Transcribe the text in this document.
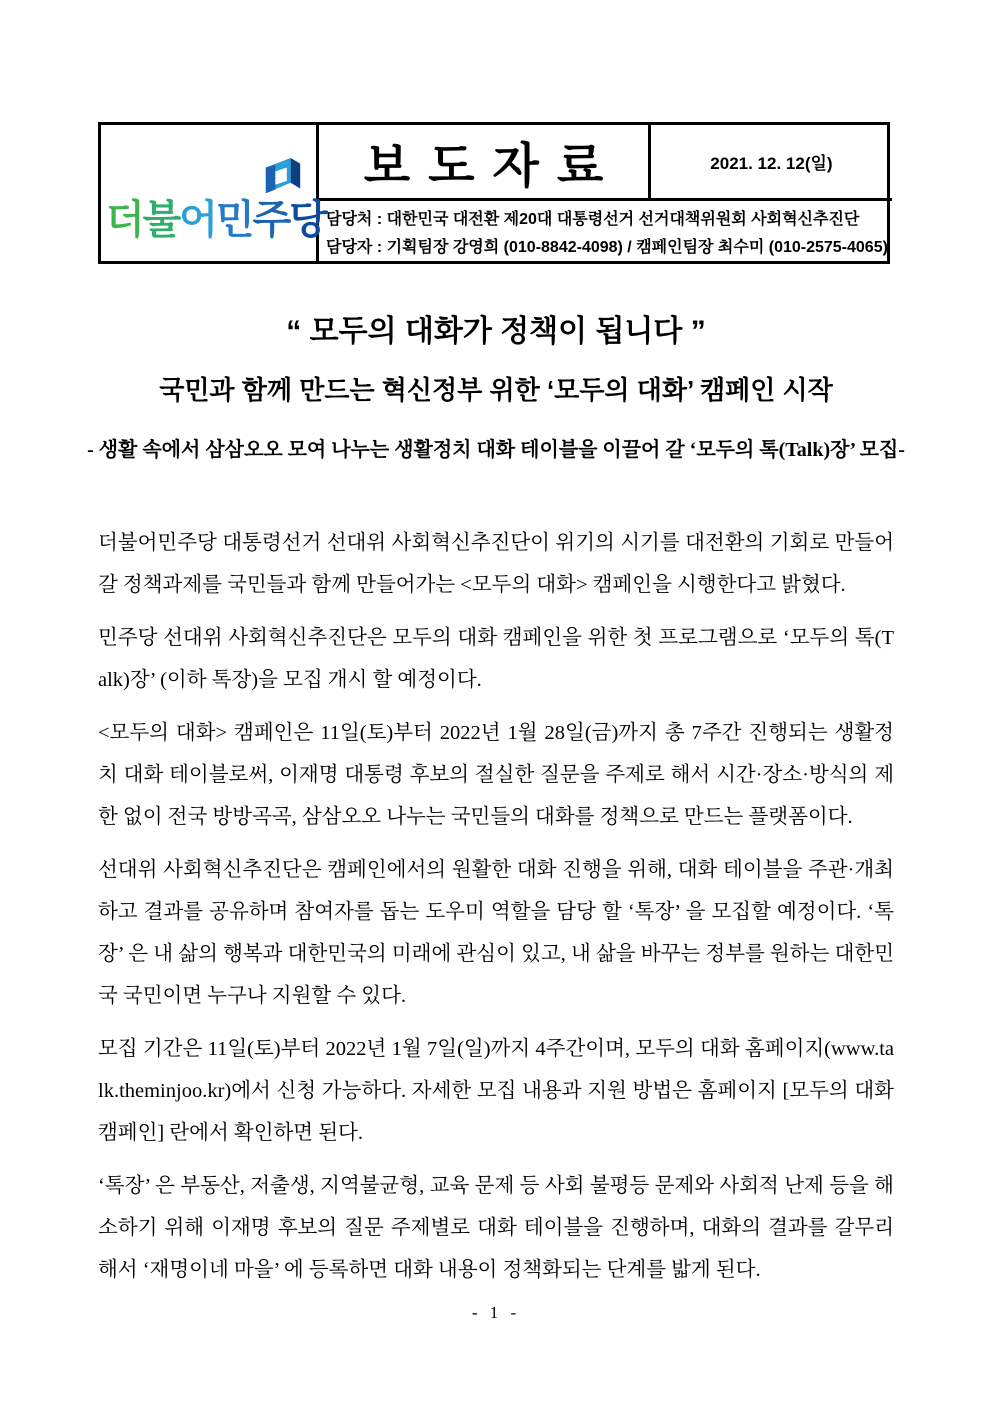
더불어민주당
보도자료	2021. 12. 12(일)
담당처 : 대한민국 대전환 제20대 대통령선거 선거대책위원회 사회혁신추진단
담당자 : 기획팀장 강영희 (010-8842-4098) / 캠페인팀장 최수미 (010-2575-4065)
“ 모두의 대화가 정책이 됩니다 ”
국민과 함께 만드는 혁신정부 위한 ‘모두의 대화’ 캠페인 시작
- 생활 속에서 삼삼오오 모여 나누는 생활정치 대화 테이블을 이끌어 갈 ‘모두의 톡(Talk)장’ 모집-

더불어민주당 대통령선거 선대위 사회혁신추진단이 위기의 시기를 대전환의 기회로 만들어갈 정책과제를 국민들과 함께 만들어가는 <모두의 대화> 캠페인을 시행한다고 밝혔다.

민주당 선대위 사회혁신추진단은 모두의 대화 캠페인을 위한 첫 프로그램으로 ‘모두의 톡(Talk)장’ (이하 톡장)을 모집 개시 할 예정이다.

<모두의 대화> 캠페인은 11일(토)부터 2022년 1월 28일(금)까지 총 7주간 진행되는 생활정치 대화 테이블로써, 이재명 대통령 후보의 절실한 질문을 주제로 해서 시간·장소·방식의 제한 없이 전국 방방곡곡, 삼삼오오 나누는 국민들의 대화를 정책으로 만드는 플랫폼이다.

선대위 사회혁신추진단은 캠페인에서의 원활한 대화 진행을 위해, 대화 테이블을 주관·개최하고 결과를 공유하며 참여자를 돕는 도우미 역할을 담당 할 ‘톡장’ 을 모집할 예정이다. ‘톡장’ 은 내 삶의 행복과 대한민국의 미래에 관심이 있고, 내 삶을 바꾸는 정부를 원하는 대한민국 국민이면 누구나 지원할 수 있다.

모집 기간은 11일(토)부터 2022년 1월 7일(일)까지 4주간이며, 모두의 대화 홈페이지(www.talk.theminjoo.kr)에서 신청 가능하다. 자세한 모집 내용과 지원 방법은 홈페이지 [모두의 대화 캠페인] 란에서 확인하면 된다.

‘톡장’ 은 부동산, 저출생, 지역불균형, 교육 문제 등 사회 불평등 문제와 사회적 난제 등을 해소하기 위해 이재명 후보의 질문 주제별로 대화 테이블을 진행하며, 대화의 결과를 갈무리 해서 ‘재명이네 마을’ 에 등록하면 대화 내용이 정책화되는 단계를 밟게 된다.

- 1 -
